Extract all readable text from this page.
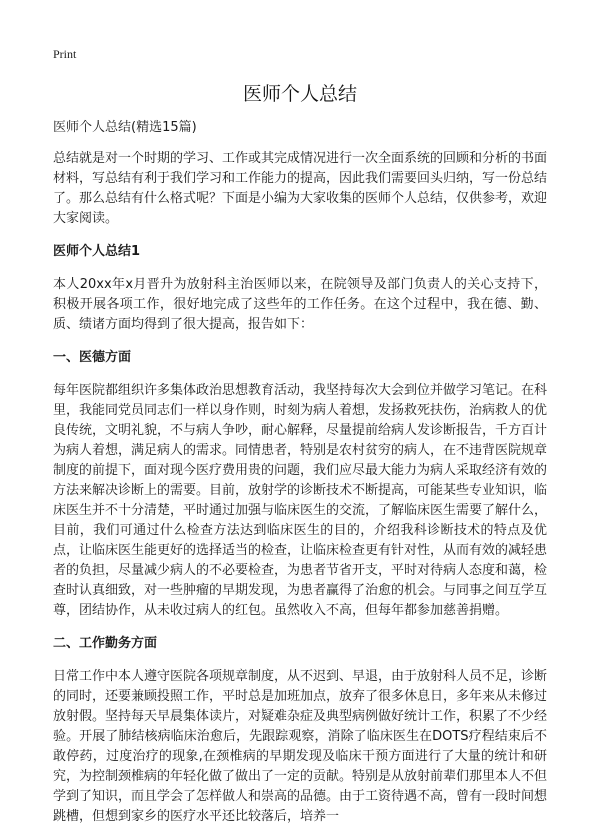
Print
医师个人总结

医师个人总结(精选15篇)

总结就是对一个时期的学习、工作或其完成情况进行一次全面系统的回顾和分析的书面材料，写总结有利于我们学习和工作能力的提高，因此我们需要回头归纳，写一份总结了。那么总结有什么格式呢？下面是小编为大家收集的医师个人总结，仅供参考，欢迎大家阅读。

医师个人总结1

本人20xx年x月晋升为放射科主治医师以来，在院领导及部门负责人的关心支持下，积极开展各项工作，很好地完成了这些年的工作任务。在这个过程中，我在德、勤、质、绩诸方面均得到了很大提高，报告如下：

一、医德方面

每年医院都组织许多集体政治思想教育活动，我坚持每次大会到位并做学习笔记。在科里，我能同党员同志们一样以身作则，时刻为病人着想，发扬救死扶伤，治病救人的优良传统，文明礼貌，不与病人争吵，耐心解释，尽量提前给病人发诊断报告，千方百计为病人着想，满足病人的需求。同情患者，特别是农村贫穷的病人，在不违背医院规章制度的前提下，面对现今医疗费用贵的问题，我们应尽最大能力为病人采取经济有效的方法来解决诊断上的需要。目前，放射学的诊断技术不断提高，可能某些专业知识，临床医生并不十分清楚，平时通过加强与临床医生的交流，了解临床医生需要了解什么，目前，我们可通过什么检查方法达到临床医生的目的，介绍我科诊断技术的特点及优点，让临床医生能更好的选择适当的检查，让临床检查更有针对性，从而有效的减轻患者的负担，尽量减少病人的不必要检查，为患者节省开支，平时对待病人态度和蔼，检查时认真细致，对一些肿瘤的早期发现，为患者赢得了治愈的机会。与同事之间互学互尊，团结协作，从未收过病人的红包。虽然收入不高，但每年都参加慈善捐赠。

二、工作勤务方面

日常工作中本人遵守医院各项规章制度，从不迟到、早退，由于放射科人员不足，诊断的同时，还要兼顾投照工作，平时总是加班加点，放弃了很多休息日，多年来从未修过放射假。坚持每天早晨集体读片，对疑难杂症及典型病例做好统计工作，积累了不少经验。开展了肺结核病临床治愈后，先跟踪观察，消除了临床医生在DOTS疗程结束后不敢停药，过度治疗的现象,在颈椎病的早期发现及临床干预方面进行了大量的统计和研究，为控制颈椎病的年轻化做了做出了一定的贡献。特别是从放射前辈们那里本人不但学到了知识，而且学会了怎样做人和崇高的品德。由于工资待遇不高，曾有一段时间想跳槽，但想到家乡的医疗水平还比较落后，培养一
